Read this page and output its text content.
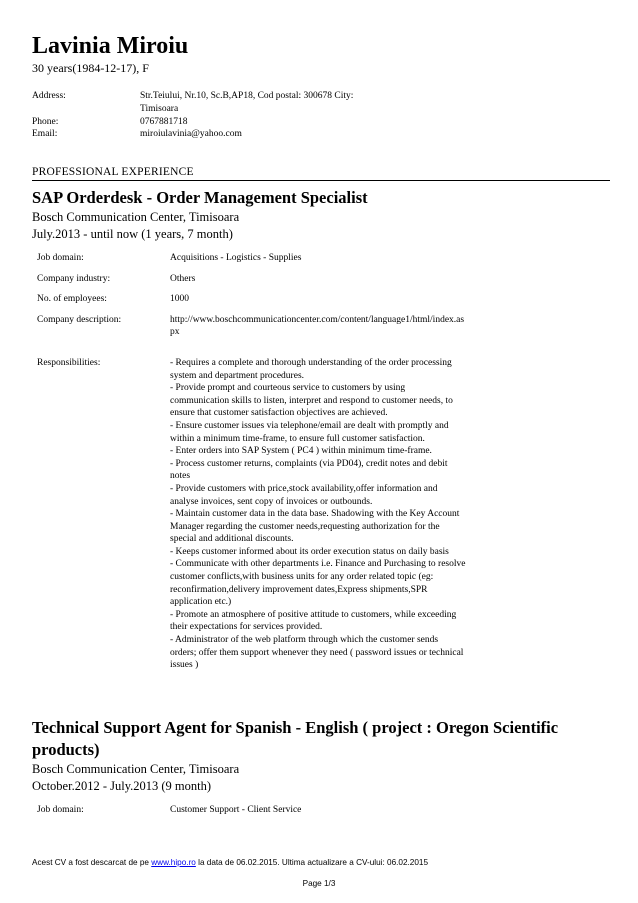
Lavinia Miroiu
30 years(1984-12-17), F
Address:	Str.Teiului, Nr.10, Sc.B,AP18, Cod postal: 300678 City:
Timisoara
Phone:	0767881718
Email:	miroiulavinia@yahoo.com
PROFESSIONAL EXPERIENCE
SAP Orderdesk - Order Management Specialist
Bosch Communication Center, Timisoara
July.2013 - until now (1 years, 7 month)
Job domain:	Acquisitions - Logistics - Supplies
Company industry:	Others
No. of employees:	1000
Company description:	http://www.boschcommunicationcenter.com/content/language1/html/index.as
px
Responsibilities:	- Requires a complete and thorough understanding of the order processing
system and department procedures.
- Provide prompt and courteous service to customers by using
communication skills to listen, interpret and respond to customer needs, to
ensure that customer satisfaction objectives are achieved.
- Ensure customer issues via telephone/email are dealt with promptly and
within a minimum time-frame, to ensure full customer satisfaction.
- Enter orders into SAP System ( PC4 ) within minimum time-frame.
- Process customer returns, complaints (via PD04), credit notes and debit
notes
- Provide customers with price,stock availability,offer information and
analyse invoices, sent copy of invoices or outbounds.
- Maintain customer data in the data base. Shadowing with the Key Account
Manager regarding the customer needs,requesting authorization for the
special and additional discounts.
- Keeps customer informed about its order execution status on daily basis
- Communicate with other departments i.e. Finance and Purchasing to resolve
customer conflicts,with business units for any order related topic (eg:
reconfirmation,delivery improvement dates,Express shipments,SPR
application etc.)
- Promote an atmosphere of positive attitude to customers, while exceeding
their expectations for services provided.
- Administrator of the web platform through which the customer sends
orders; offer them support whenever they need ( password issues or technical
issues )
Technical Support Agent for Spanish - English ( project : Oregon Scientific
products)
Bosch Communication Center, Timisoara
October.2012 - July.2013 (9 month)
Job domain:	Customer Support - Client Service
Acest CV a fost descarcat de pe www.hipo.ro la data de 06.02.2015. Ultima actualizare a CV-ului: 06.02.2015
Page 1/3
